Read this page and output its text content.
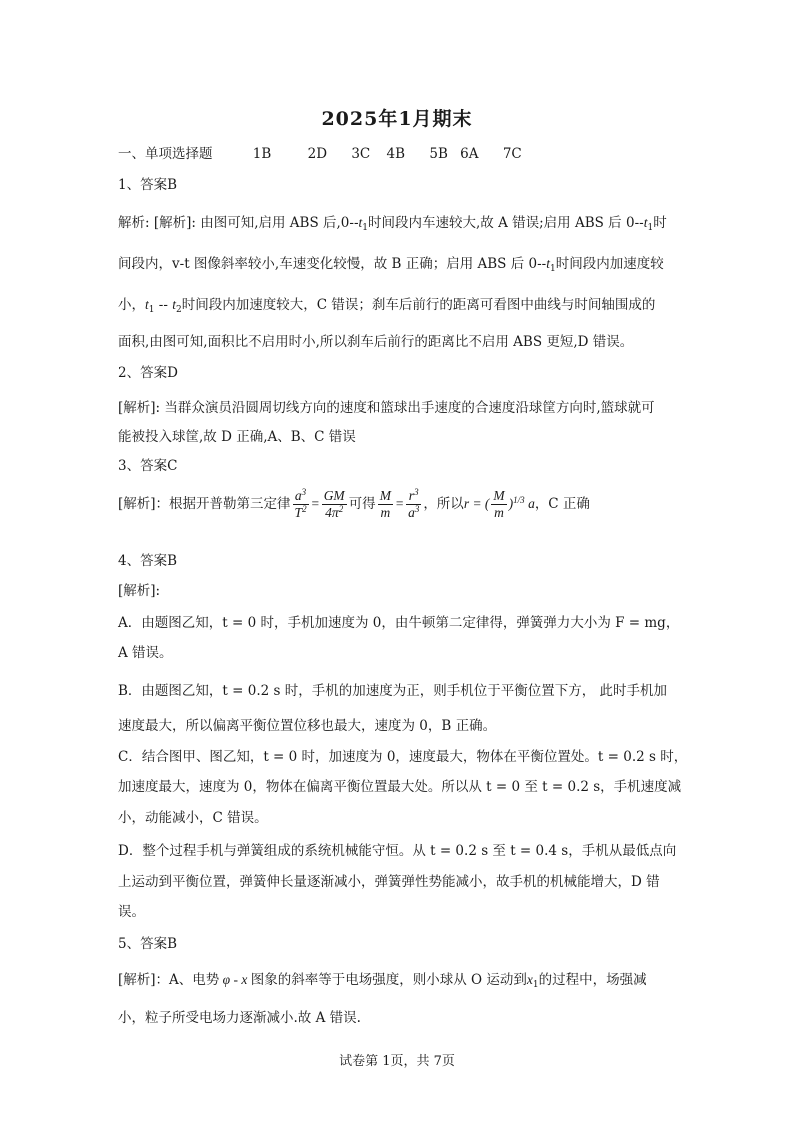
2025年1月期末
一、单项选择题	1B	2D 3C 4B 5B 6A 7C
1、答案B
解析: [解析]: 由图可知,启用 ABS 后$,0--t_1$时间段内车速较大,故 A 错误;启用 ABS 后 $0--t_1$时
间段内，v-t 图像斜率较小,车速变化较慢，故 B 正确；启用 ABS 后 $0--t_1$时间段内加速度较
小，$t_1 -- t_2$时间段内加速度较大，C 错误；刹车后前行的距离可看图中曲线与时间轴围成的
面积,由图可知,面积比不启用时小,所以刹车后前行的距离比不启用 ABS 更短,D 错误。
2、答案D
[解析]: 当群众演员沿圆周切线方向的速度和篮球出手速度的合速度沿球筐方向时,篮球就可
能被投入球筐,故 D 正确,A、B、C 错误
3、答案C
[解析]：根据开普勒第三定律 $\frac{a^3}{T^2} = \frac{GM}{4\pi^2}$ 可得 $\frac{M}{m} = \frac{r^3}{a^3}$ ，所以r = ( $\frac{M}{m} )^{1/3}$ a，C 正确
4、答案B
[解析]:
A．由题图乙知，t = 0 时，手机加速度为 0，由牛顿第二定律得，弹簧弹力大小为 F = mg，
A 错误。
B．由题图乙知，t = 0.2 s 时，手机的加速度为正，则手机位于平衡位置下方， 此时手机加
速度最大，所以偏离平衡位置位移也最大，速度为 0，B 正确。
C．结合图甲、图乙知，t = 0 时，加速度为 0，速度最大，物体在平衡位置处。t = 0.2 s 时，
加速度最大，速度为 0，物体在偏离平衡位置最大处。所以从 t = 0 至 t = 0.2 s，手机速度减
小，动能减小，C 错误。
D．整个过程手机与弹簧组成的系统机械能守恒。从 t = 0.2 s 至 t = 0.4 s，手机从最低点向
上运动到平衡位置，弹簧伸长量逐渐减小，弹簧弹性势能减小，故手机的机械能增大，D 错
误。
5、答案B
[解析]：A、电势 φ - x 图象的斜率等于电场强度，则小球从 O 运动到$x_1$的过程中，场强减
小，粒子所受电场力逐渐减小.故 A 错误.
试卷第 1页，共 7页
